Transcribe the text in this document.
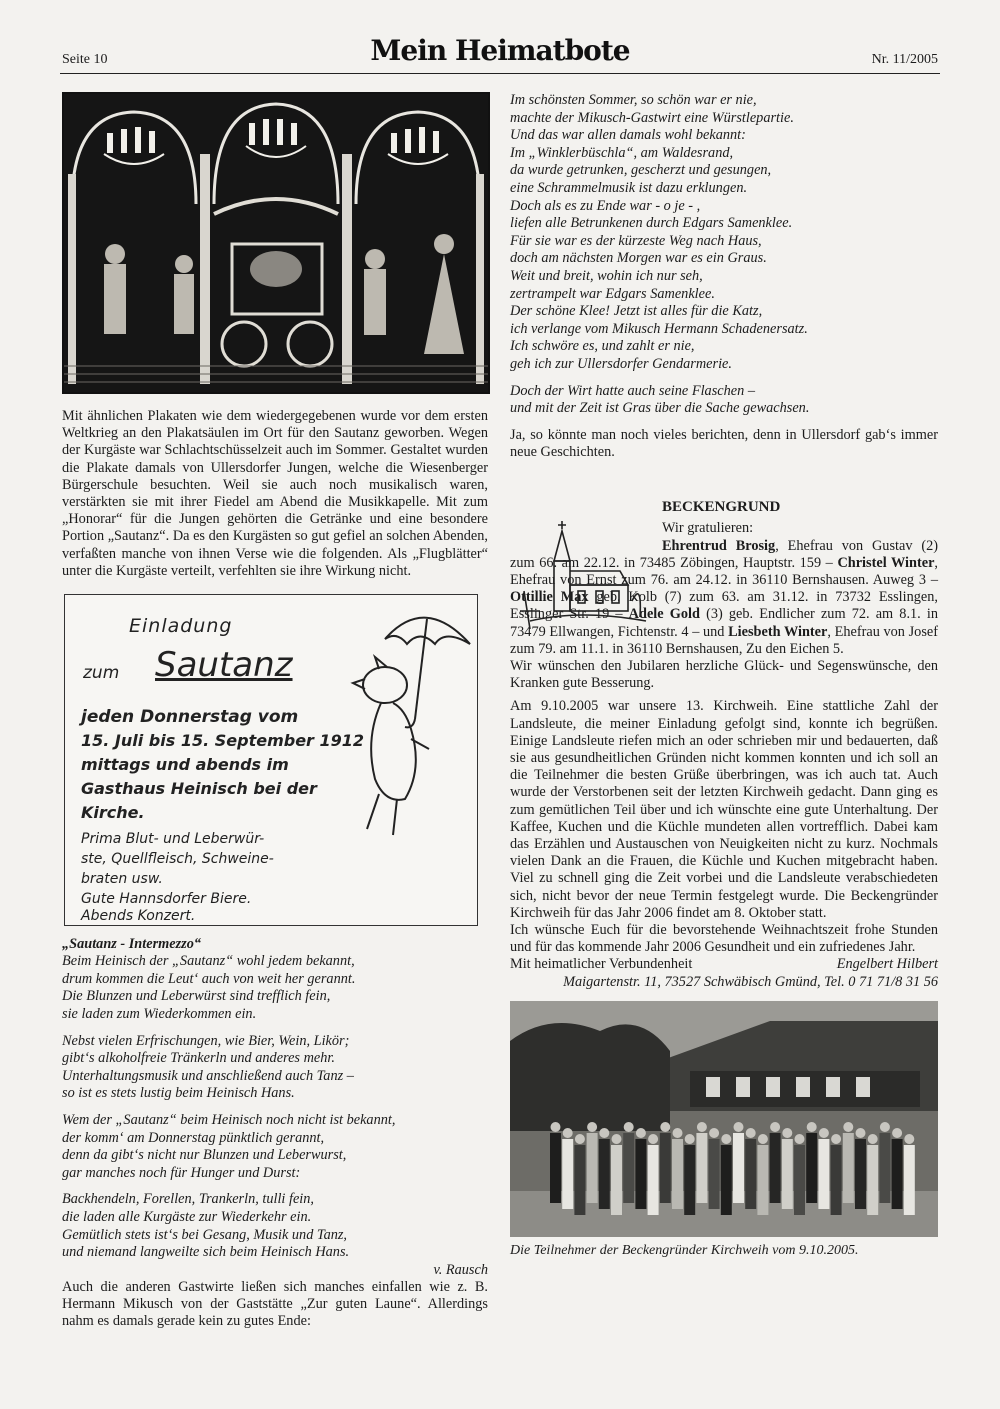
Seite 10	Mein Heimatbote	Nr. 11/2005

Mit ähnlichen Plakaten wie dem wiedergegebenen wurde vor dem ersten Weltkrieg an den Plakatsäulen im Ort für den Sautanz geworben. Wegen der Kurgäste war Schlachtschüsselzeit auch im Sommer. Gestaltet wurden die Plakate damals von Ullersdorfer Jungen, welche die Wiesenberger Bürgerschule besuchten. Weil sie auch noch musikalisch waren, verstärkten sie mit ihrer Fiedel am Abend die Musikkapelle. Mit zum „Honorar“ für die Jungen gehörten die Getränke und eine besondere Portion „Sautanz“. Da es den Kurgästen so gut gefiel an solchen Abenden, verfaßten manche von ihnen Verse wie die folgenden. Als „Flugblätter“ unter die Kurgäste verteilt, verfehlten sie ihre Wirkung nicht.

Einladung
zum Sautanz
jeden Donnerstag vom
15. Juli bis 15. September 1912
mittags und abends im
Gasthaus Heinisch bei der
Kirche.
Prima Blut- und Leberwür-
ste, Quellfleisch, Schweine-
braten usw.
Gute Hannsdorfer Biere.
Abends Konzert.
„Sautanz - Intermezzo“
Beim Heinisch der „Sautanz“ wohl jedem bekannt,
drum kommen die Leut‘ auch von weit her gerannt.
Die Blunzen und Leberwürst sind trefflich fein,
sie laden zum Wiederkommen ein.
Nebst vielen Erfrischungen, wie Bier, Wein, Likör;
gibt‘s alkoholfreie Tränkerln und anderes mehr.
Unterhaltungsmusik und anschließend auch Tanz –
so ist es stets lustig beim Heinisch Hans.
Wem der „Sautanz“ beim Heinisch noch nicht ist bekannt,
der komm‘ am Donnerstag pünktlich gerannt,
denn da gibt‘s nicht nur Blunzen und Leberwurst,
gar manches noch für Hunger und Durst:
Backhendeln, Forellen, Trankerln, tulli fein,
die laden alle Kurgäste zur Wiederkehr ein.
Gemütlich stets ist‘s bei Gesang, Musik und Tanz,
und niemand langweilte sich beim Heinisch Hans.
v. Rausch

Auch die anderen Gastwirte ließen sich manches einfallen wie z. B. Hermann Mikusch von der Gaststätte „Zur guten Laune“. Allerdings nahm es damals gerade kein zu gutes Ende:

Im schönsten Sommer, so schön war er nie,
machte der Mikusch-Gastwirt eine Würstlepartie.
Und das war allen damals wohl bekannt:
Im „Winklerbüschla“, am Waldesrand,
da wurde getrunken, gescherzt und gesungen,
eine Schrammelmusik ist dazu erklungen.
Doch als es zu Ende war - o je - ,
liefen alle Betrunkenen durch Edgars Samenklee.
Für sie war es der kürzeste Weg nach Haus,
doch am nächsten Morgen war es ein Graus.
Weit und breit, wohin ich nur seh,
zertrampelt war Edgars Samenklee.
Der schöne Klee! Jetzt ist alles für die Katz,
ich verlange vom Mikusch Hermann Schadenersatz.
Ich schwöre es, und zahlt er nie,
geh ich zur Ullersdorfer Gendarmerie.
Doch der Wirt hatte auch seine Flaschen –
und mit der Zeit ist Gras über die Sache gewachsen.

Ja, so könnte man noch vieles berichten, denn in Ullersdorf gab‘s immer neue Geschichten.

BECKENGRUND
Wir gratulieren:

Ehrentrud Brosig, Ehefrau von Gustav (2) zum 66. am 22.12. in 73485 Zöbingen, Hauptstr. 159 – Christel Winter, Ehefrau von Ernst zum 76. am 24.12. in 36110 Bernshausen. Auweg 3 – Ottillie Max geb. Kolb (7) zum 63. am 31.12. in 73732 Esslingen, Esslinger Str. 19 – Adele Gold (3) geb. Endlicher zum 72. am 8.1. in 73479 Ellwangen, Fichtenstr. 4 – und Liesbeth Winter, Ehefrau von Josef zum 79. am 11.1. in 36110 Bernshausen, Zu den Eichen 5.

Wir wünschen den Jubilaren herzliche Glück- und Segenswünsche, den Kranken gute Besserung.

Am 9.10.2005 war unsere 13. Kirchweih. Eine stattliche Zahl der Landsleute, die meiner Einladung gefolgt sind, konnte ich begrüßen. Einige Landsleute riefen mich an oder schrieben mir und bedauerten, daß sie aus gesundheitlichen Gründen nicht kommen konnten und ich soll an die Teilnehmer die besten Grüße überbringen, was ich auch tat. Auch wurde der Verstorbenen seit der letzten Kirchweih gedacht. Dann ging es zum gemütlichen Teil über und ich wünschte eine gute Unterhaltung. Der Kaffee, Kuchen und die Küchle mundeten allen vortrefflich. Dabei kam das Erzählen und Austauschen von Neuigkeiten nicht zu kurz. Nochmals vielen Dank an die Frauen, die Küchle und Kuchen mitgebracht haben. Viel zu schnell ging die Zeit vorbei und die Landsleute verabschiedeten sich, nicht bevor der neue Termin festgelegt wurde. Die Beckengründer Kirchweih für das Jahr 2006 findet am 8. Oktober statt.

Ich wünsche Euch für die bevorstehende Weihnachtszeit frohe Stunden und für das kommende Jahr 2006 Gesundheit und ein zufriedenes Jahr.

Mit heimatlicher Verbundenheit	Engelbert Hilbert
Maigartenstr. 11, 73527 Schwäbisch Gmünd, Tel. 0 71 71/8 31 56
Die Teilnehmer der Beckengründer Kirchweih vom 9.10.2005.
